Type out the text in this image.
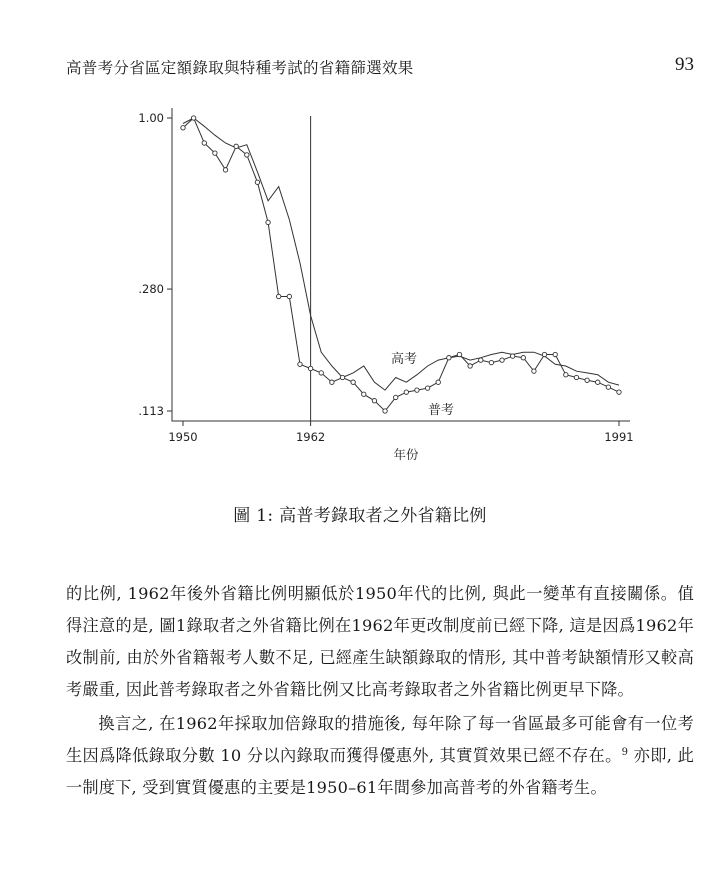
高普考分省區定額錄取與特種考試的省籍篩選效果	93
.113
.280
1.00
1950	1962	1991
年份
高考
普考
圖 1: 高普考錄取者之外省籍比例

的比例, 1962年後外省籍比例明顯低於1950年代的比例, 與此一變革有直接關係。值得注意的是, 圖1錄取者之外省籍比例在1962年更改制度前已經下降, 這是因爲1962年改制前, 由於外省籍報考人數不足, 已經產生缺額錄取的情形, 其中普考缺額情形又較高考嚴重, 因此普考錄取者之外省籍比例又比高考錄取者之外省籍比例更早下降。

換言之, 在1962年採取加倍錄取的措施後, 每年除了每一省區最多可能會有一位考生因爲降低錄取分數 10 分以內錄取而獲得優惠外, 其實質效果已經不存在。$^9$ 亦即, 此一制度下, 受到實質優惠的主要是1950–61年間參加高普考的外省籍考生。
